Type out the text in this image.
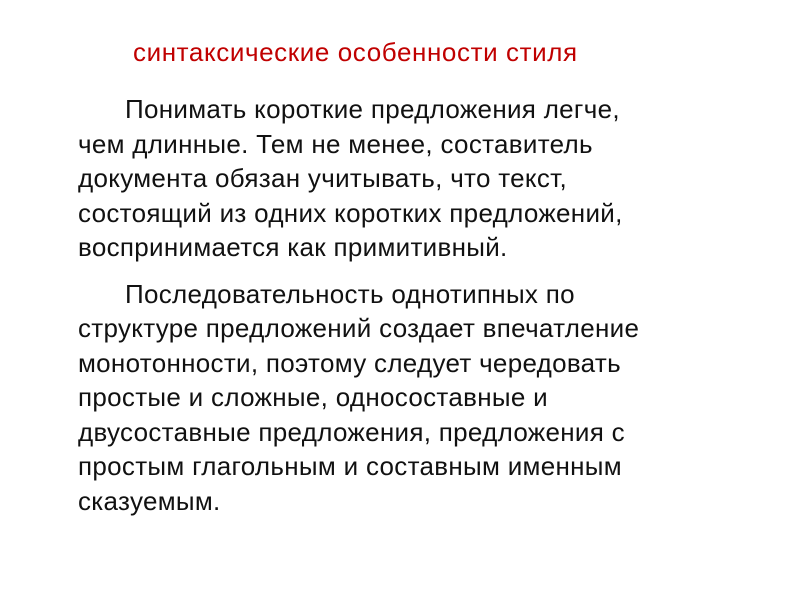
синтаксические особенности стиля

Понимать короткие предложения легче,
чем длинные. Тем не менее, составитель
документа обязан учитывать, что текст,
состоящий из одних коротких предложений,
воспринимается как примитивный.

Последовательность однотипных по
структуре предложений создает впечатление
монотонности, поэтому следует чередовать
простые и сложные, односоставные и
двусоставные предложения, предложения с
простым глагольным и составным именным
сказуемым.
